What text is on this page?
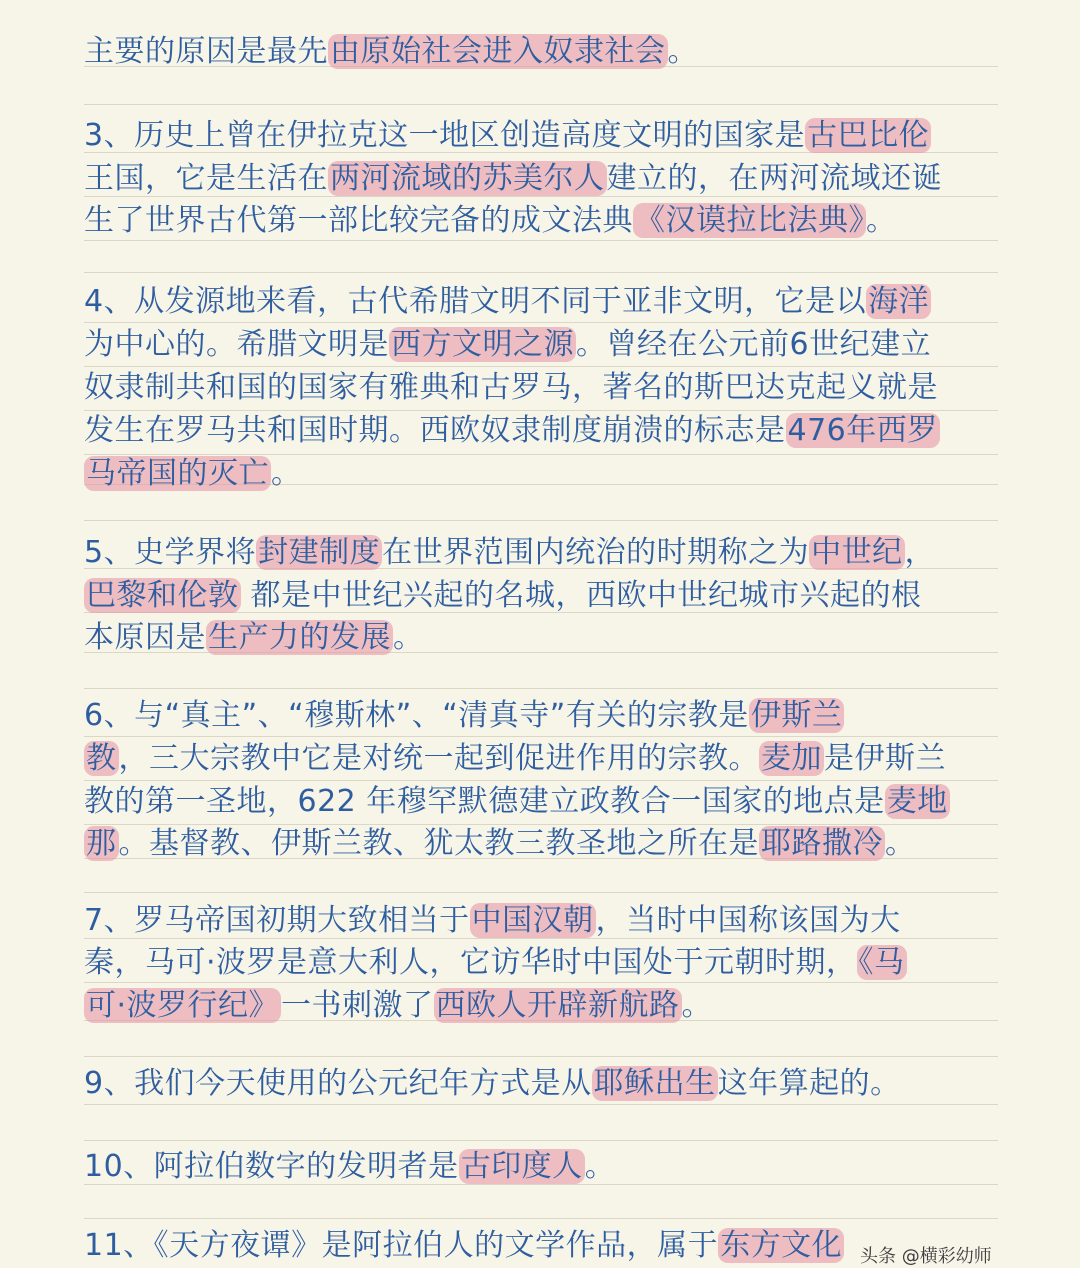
主要的原因是最先由原始社会进入奴隶社会。
3、历史上曾在伊拉克这一地区创造高度文明的国家是古巴比伦
王国，它是生活在两河流域的苏美尔人建立的，在两河流域还诞
生了世界古代第一部比较完备的成文法典《汉谟拉比法典》。
4、从发源地来看，古代希腊文明不同于亚非文明，它是以海洋
为中心的。希腊文明是西方文明之源。曾经在公元前6世纪建立
奴隶制共和国的国家有雅典和古罗马，著名的斯巴达克起义就是
发生在罗马共和国时期。西欧奴隶制度崩溃的标志是476年西罗
马帝国的灭亡。
5、史学界将封建制度在世界范围内统治的时期称之为中世纪，
巴黎和伦敦 都是中世纪兴起的名城，西欧中世纪城市兴起的根
本原因是生产力的发展。
6、与“真主”、“穆斯林”、“清真寺”有关的宗教是伊斯兰
教，三大宗教中它是对统一起到促进作用的宗教。麦加是伊斯兰
教的第一圣地，622 年穆罕默德建立政教合一国家的地点是麦地
那。基督教、伊斯兰教、犹太教三教圣地之所在是耶路撒冷。
7、罗马帝国初期大致相当于中国汉朝，当时中国称该国为大
秦，马可·波罗是意大利人，它访华时中国处于元朝时期，《马
可·波罗行纪》一书刺激了西欧人开辟新航路。
9、我们今天使用的公元纪年方式是从耶稣出生这年算起的。
10、阿拉伯数字的发明者是古印度人。
11、《天方夜谭》是阿拉伯人的文学作品，属于东方文化 头条 @横彩幼师
